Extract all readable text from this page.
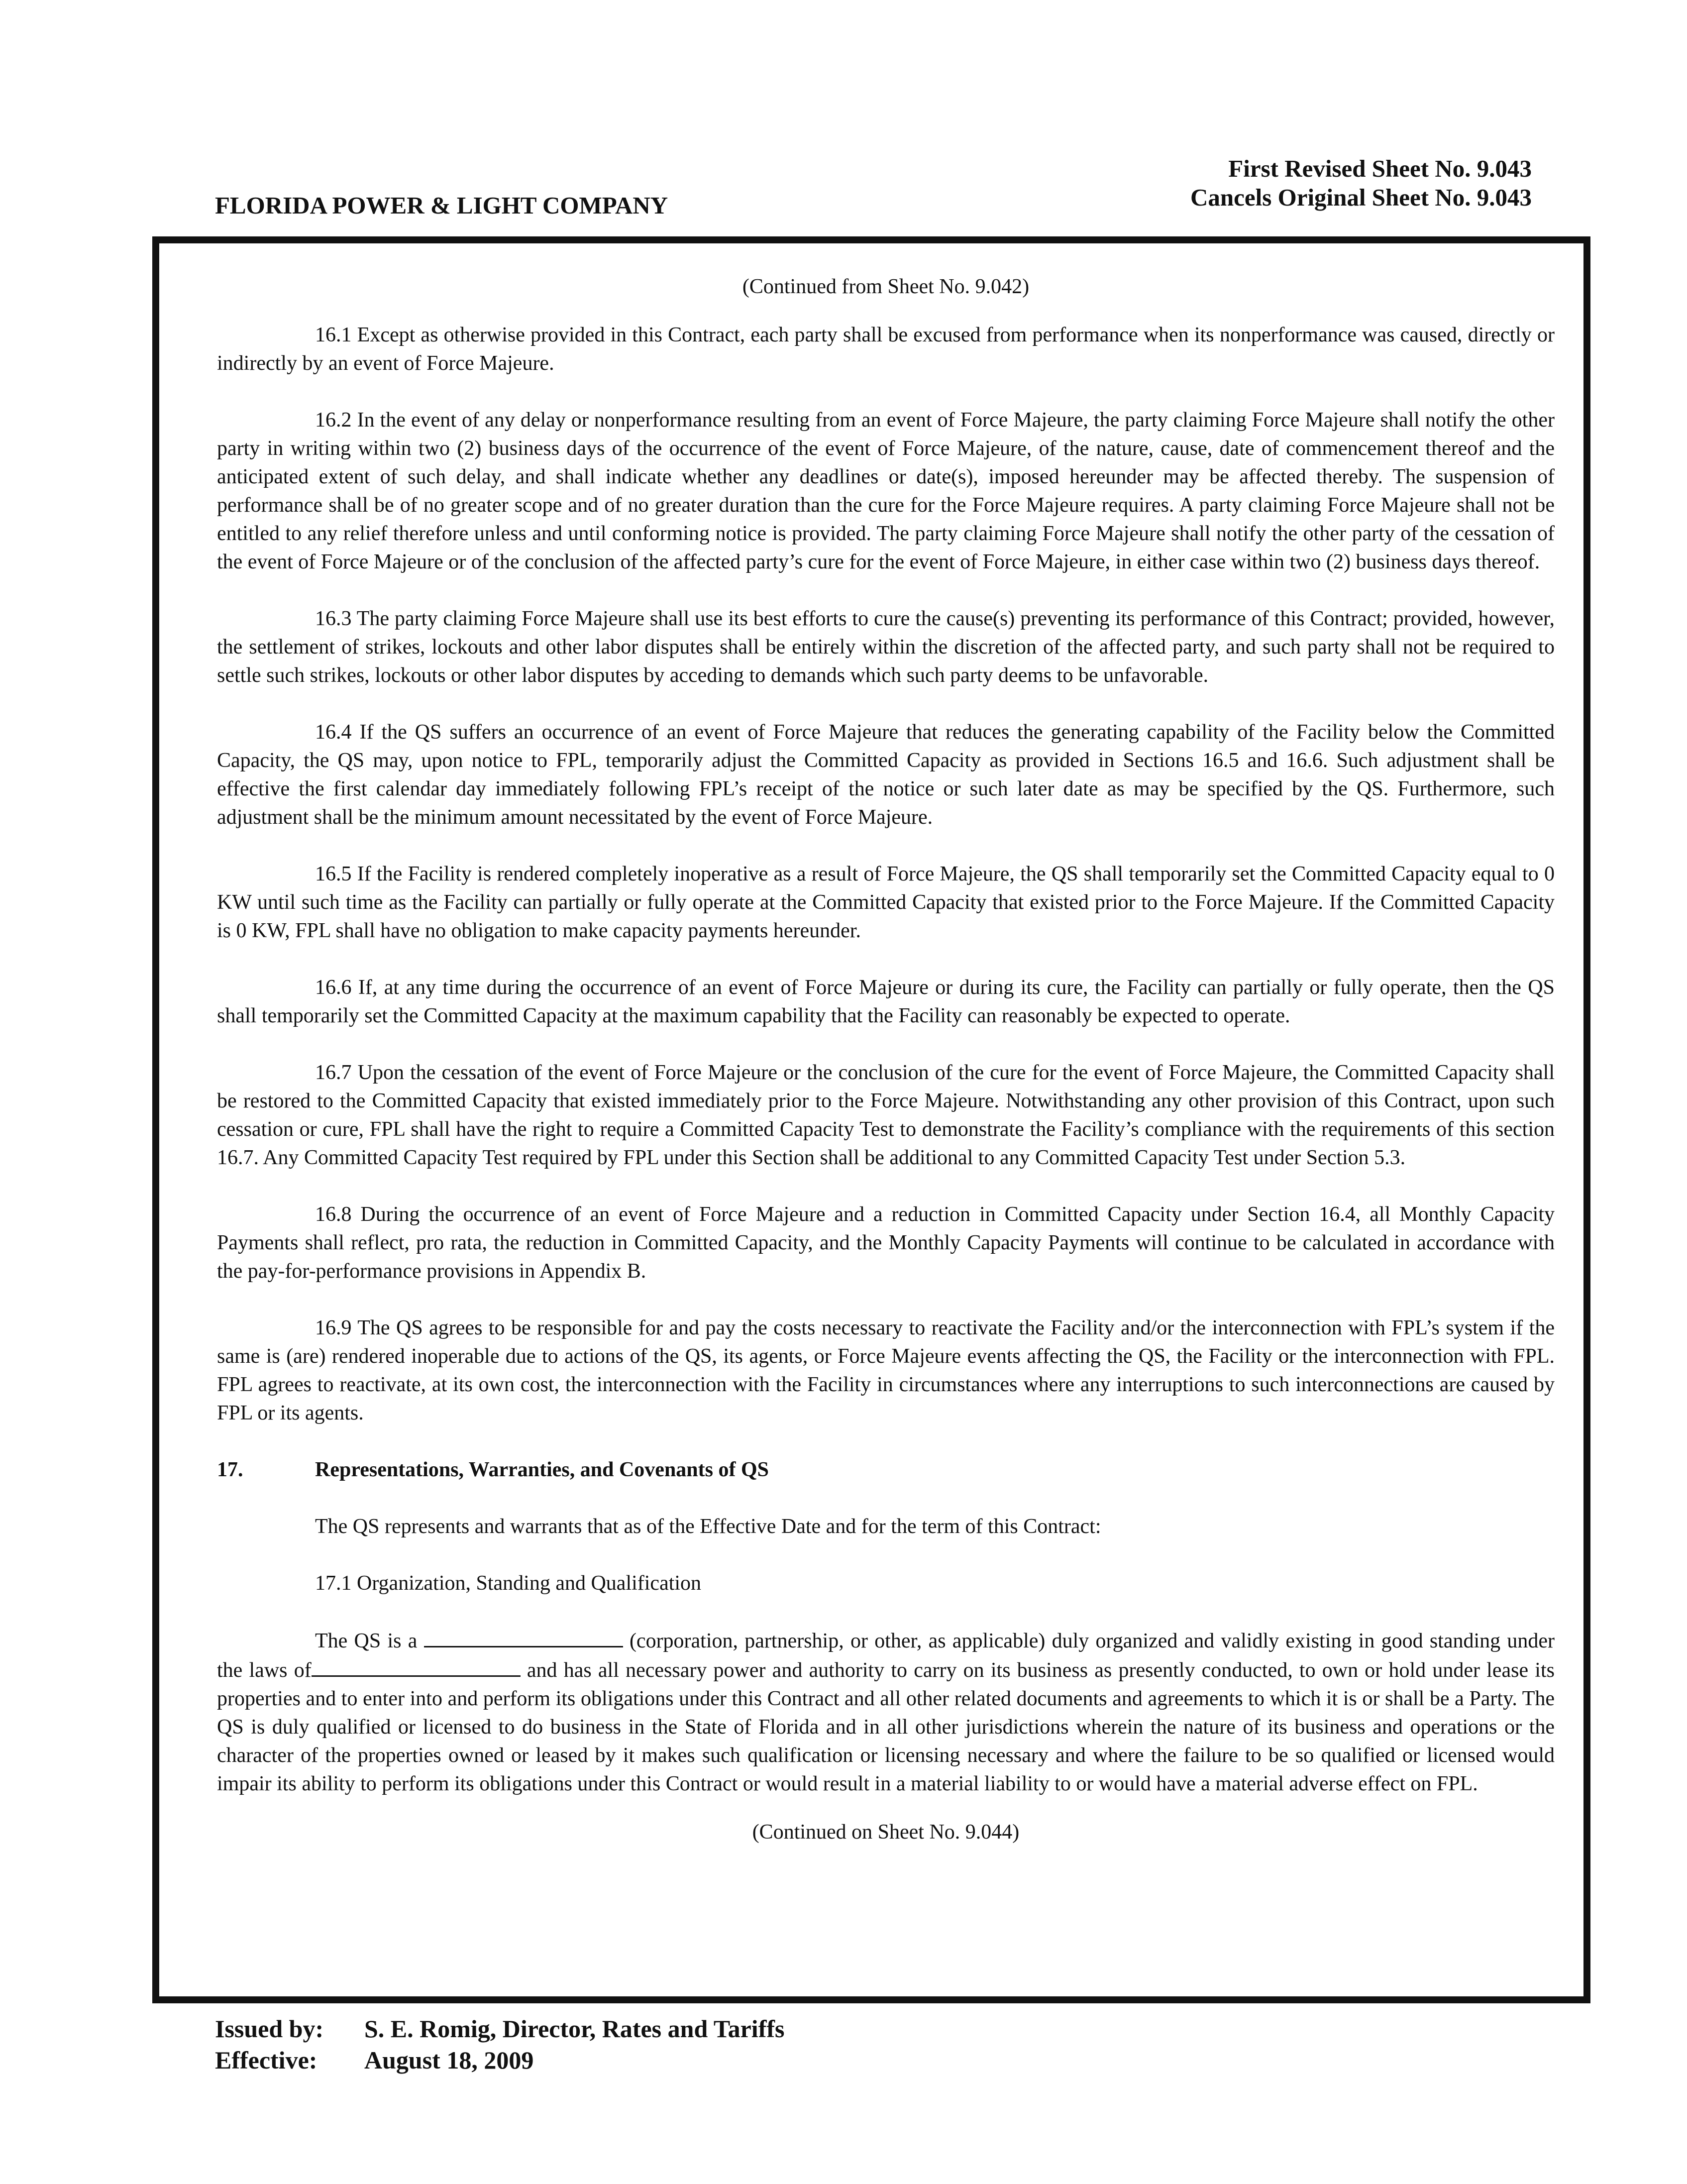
FLORIDA POWER & LIGHT COMPANY
First Revised Sheet No. 9.043
Cancels Original Sheet No. 9.043

(Continued from Sheet No. 9.042)

16.1 Except as otherwise provided in this Contract, each party shall be excused from performance when its nonperformance was caused, directly or indirectly by an event of Force Majeure.

16.2 In the event of any delay or nonperformance resulting from an event of Force Majeure, the party claiming Force Majeure shall notify the other party in writing within two (2) business days of the occurrence of the event of Force Majeure, of the nature, cause, date of commencement thereof and the anticipated extent of such delay, and shall indicate whether any deadlines or date(s), imposed hereunder may be affected thereby. The suspension of performance shall be of no greater scope and of no greater duration than the cure for the Force Majeure requires. A party claiming Force Majeure shall not be entitled to any relief therefore unless and until conforming notice is provided. The party claiming Force Majeure shall notify the other party of the cessation of the event of Force Majeure or of the conclusion of the affected party’s cure for the event of Force Majeure, in either case within two (2) business days thereof.

16.3 The party claiming Force Majeure shall use its best efforts to cure the cause(s) preventing its performance of this Contract; provided, however, the settlement of strikes, lockouts and other labor disputes shall be entirely within the discretion of the affected party, and such party shall not be required to settle such strikes, lockouts or other labor disputes by acceding to demands which such party deems to be unfavorable.

16.4 If the QS suffers an occurrence of an event of Force Majeure that reduces the generating capability of the Facility below the Committed Capacity, the QS may, upon notice to FPL, temporarily adjust the Committed Capacity as provided in Sections 16.5 and 16.6. Such adjustment shall be effective the first calendar day immediately following FPL’s receipt of the notice or such later date as may be specified by the QS. Furthermore, such adjustment shall be the minimum amount necessitated by the event of Force Majeure.

16.5 If the Facility is rendered completely inoperative as a result of Force Majeure, the QS shall temporarily set the Committed Capacity equal to 0 KW until such time as the Facility can partially or fully operate at the Committed Capacity that existed prior to the Force Majeure. If the Committed Capacity is 0 KW, FPL shall have no obligation to make capacity payments hereunder.

16.6 If, at any time during the occurrence of an event of Force Majeure or during its cure, the Facility can partially or fully operate, then the QS shall temporarily set the Committed Capacity at the maximum capability that the Facility can reasonably be expected to operate.

16.7 Upon the cessation of the event of Force Majeure or the conclusion of the cure for the event of Force Majeure, the Committed Capacity shall be restored to the Committed Capacity that existed immediately prior to the Force Majeure. Notwithstanding any other provision of this Contract, upon such cessation or cure, FPL shall have the right to require a Committed Capacity Test to demonstrate the Facility’s compliance with the requirements of this section 16.7. Any Committed Capacity Test required by FPL under this Section shall be additional to any Committed Capacity Test under Section 5.3.

16.8 During the occurrence of an event of Force Majeure and a reduction in Committed Capacity under Section 16.4, all Monthly Capacity Payments shall reflect, pro rata, the reduction in Committed Capacity, and the Monthly Capacity Payments will continue to be calculated in accordance with the pay-for-performance provisions in Appendix B.

16.9 The QS agrees to be responsible for and pay the costs necessary to reactivate the Facility and/or the interconnection with FPL’s system if the same is (are) rendered inoperable due to actions of the QS, its agents, or Force Majeure events affecting the QS, the Facility or the interconnection with FPL. FPL agrees to reactivate, at its own cost, the interconnection with the Facility in circumstances where any interruptions to such interconnections are caused by FPL or its agents.

17.	Representations, Warranties, and Covenants of QS

The QS represents and warrants that as of the Effective Date and for the term of this Contract:

17.1 Organization, Standing and Qualification

The QS is a	(corporation, partnership, or other, as applicable) duly organized and validly existing in good standing under the laws of	and has all necessary power and authority to carry on its business as presently conducted, to own or hold under lease its properties and to enter into and perform its obligations under this Contract and all other related documents and agreements to which it is or shall be a Party. The QS is duly qualified or licensed to do business in the State of Florida and in all other jurisdictions wherein the nature of its business and operations or the character of the properties owned or leased by it makes such qualification or licensing necessary and where the failure to be so qualified or licensed would impair its ability to perform its obligations under this Contract or would result in a material liability to or would have a material adverse effect on FPL.

(Continued on Sheet No. 9.044)

Issued by: S. E. Romig, Director, Rates and Tariffs
Effective: August 18, 2009
